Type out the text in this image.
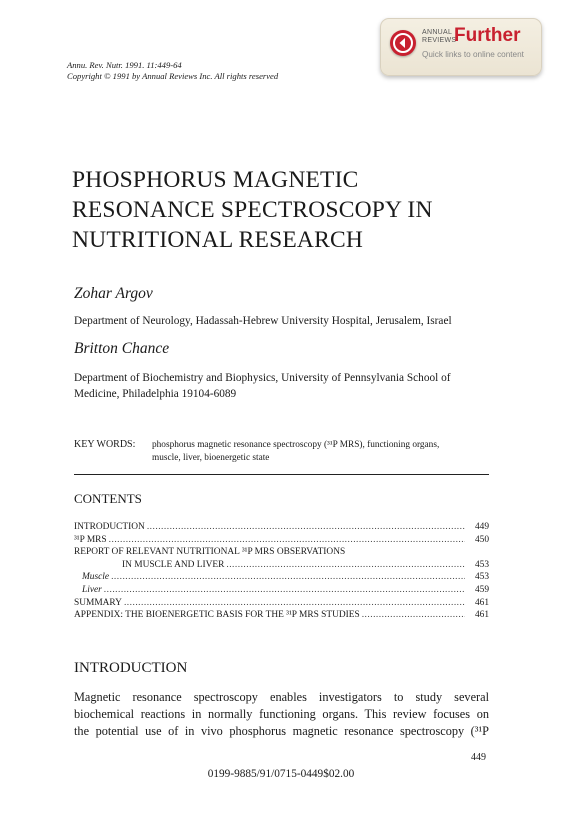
Annu. Rev. Nutr. 1991. 11:449-64
Copyright © 1991 by Annual Reviews Inc. All rights reserved
ANNUAL
REVIEWS
Further
Quick links to online content
PHOSPHORUS MAGNETIC
RESONANCE SPECTROSCOPY IN
NUTRITIONAL RESEARCH
Zohar Argov
Department of Neurology, Hadassah-Hebrew University Hospital, Jerusalem, Israel
Britton Chance
Department of Biochemistry and Biophysics, University of Pennsylvania School of
Medicine, Philadelphia 19104-6089
KEY WORDS: phosphorus magnetic resonance spectroscopy (³¹P MRS), functioning organs,
muscle, liver, bioenergetic state
CONTENTS
INTRODUCTION .....	449
³¹P MRS .....	450
REPORT OF RELEVANT NUTRITIONAL ³¹P MRS OBSERVATIONS
IN MUSCLE AND LIVER .....	453
Muscle .....	453
Liver .....	459
SUMMARY .....	461
APPENDIX: THE BIOENERGETIC BASIS FOR THE ³¹P MRS STUDIES .....	461
INTRODUCTION
Magnetic resonance spectroscopy enables investigators to study several
biochemical reactions in normally functioning organs. This review focuses on
the potential use of in vivo phosphorus magnetic resonance spectroscopy (³¹P
449
0199-9885/91/0715-0449$02.00
